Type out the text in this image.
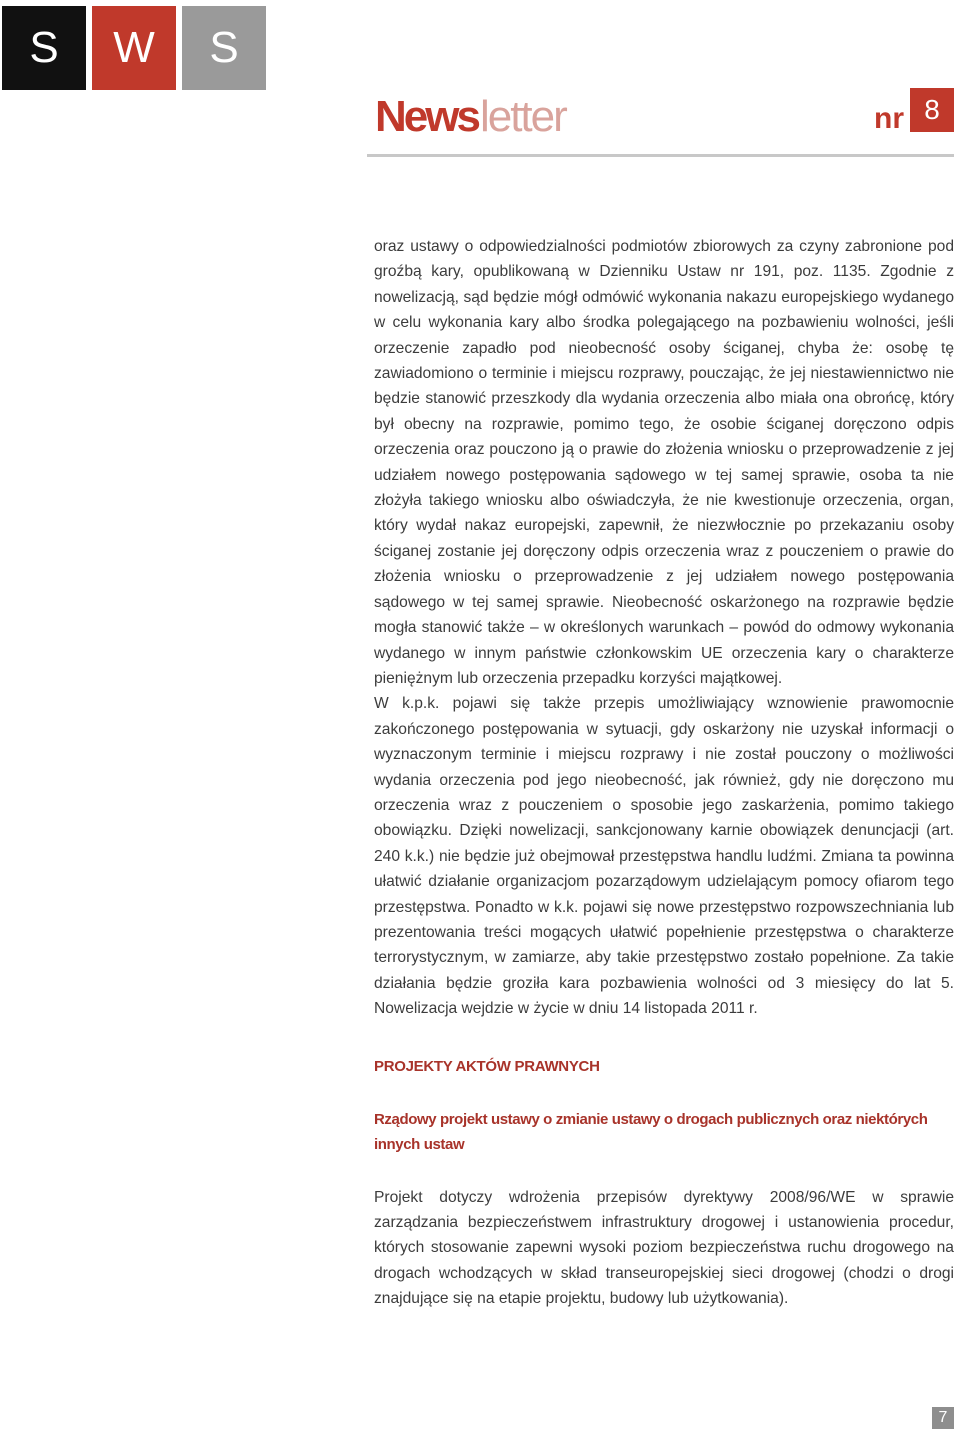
S	W	S
News letter	nr 8

oraz ustawy o odpowiedzialności podmiotów zbiorowych za czyny zabronione pod groźbą kary, opublikowaną w Dzienniku Ustaw nr 191, poz. 1135. Zgodnie z nowelizacją, sąd będzie mógł odmówić wykonania nakazu europejskiego wydanego w celu wykonania kary albo środka polegającego na pozbawieniu wolności, jeśli orzeczenie zapadło pod nieobecność osoby ściganej, chyba że: osobę tę zawiadomiono o terminie i miejscu rozprawy, pouczając, że jej niestawiennictwo nie będzie stanowić przeszkody dla wydania orzeczenia albo miała ona obrońcę, który był obecny na rozprawie, pomimo tego, że osobie ściganej doręczono odpis orzeczenia oraz pouczono ją o prawie do złożenia wniosku o przeprowadzenie z jej udziałem nowego postępowania sądowego w tej samej sprawie, osoba ta nie złożyła takiego wniosku albo oświadczyła, że nie kwestionuje orzeczenia, organ, który wydał nakaz europejski, zapewnił, że niezwłocznie po przekazaniu osoby ściganej zostanie jej doręczony odpis orzeczenia wraz z pouczeniem o prawie do złożenia wniosku o przeprowadzenie z jej udziałem nowego postępowania sądowego w tej samej sprawie. Nieobecność oskarżonego na rozprawie będzie mogła stanowić także – w określonych warunkach – powód do odmowy wykonania wydanego w innym państwie członkowskim UE orzeczenia kary o charakterze pieniężnym lub orzeczenia przepadku korzyści majątkowej.

W k.p.k. pojawi się także przepis umożliwiający wznowienie prawomocnie zakończonego postępowania w sytuacji, gdy oskarżony nie uzyskał informacji o wyznaczonym terminie i miejscu rozprawy i nie został pouczony o możliwości wydania orzeczenia pod jego nieobecność, jak również, gdy nie doręczono mu orzeczenia wraz z pouczeniem o sposobie jego zaskarżenia, pomimo takiego obowiązku. Dzięki nowelizacji, sankcjonowany karnie obowiązek denuncjacji (art. 240 k.k.) nie będzie już obejmował przestępstwa handlu ludźmi. Zmiana ta powinna ułatwić działanie organizacjom pozarządowym udzielającym pomocy ofiarom tego przestępstwa. Ponadto w k.k. pojawi się nowe przestępstwo rozpowszechniania lub prezentowania treści mogących ułatwić popełnienie przestępstwa o charakterze terrorystycznym, w zamiarze, aby takie przestępstwo zostało popełnione. Za takie działania będzie groziła kara pozbawienia wolności od 3 miesięcy do lat 5. Nowelizacja wejdzie w życie w dniu 14 listopada 2011 r.

PROJEKTY AKTÓW PRAWNYCH
Rządowy projekt ustawy o zmianie ustawy o drogach publicznych oraz niektórych innych ustaw

Projekt dotyczy wdrożenia przepisów dyrektywy 2008/96/WE w sprawie zarządzania bezpieczeństwem infrastruktury drogowej i ustanowienia procedur, których stosowanie zapewni wysoki poziom bezpieczeństwa ruchu drogowego na drogach wchodzących w skład transeuropejskiej sieci drogowej (chodzi o drogi znajdujące się na etapie projektu, budowy lub użytkowania).

7
